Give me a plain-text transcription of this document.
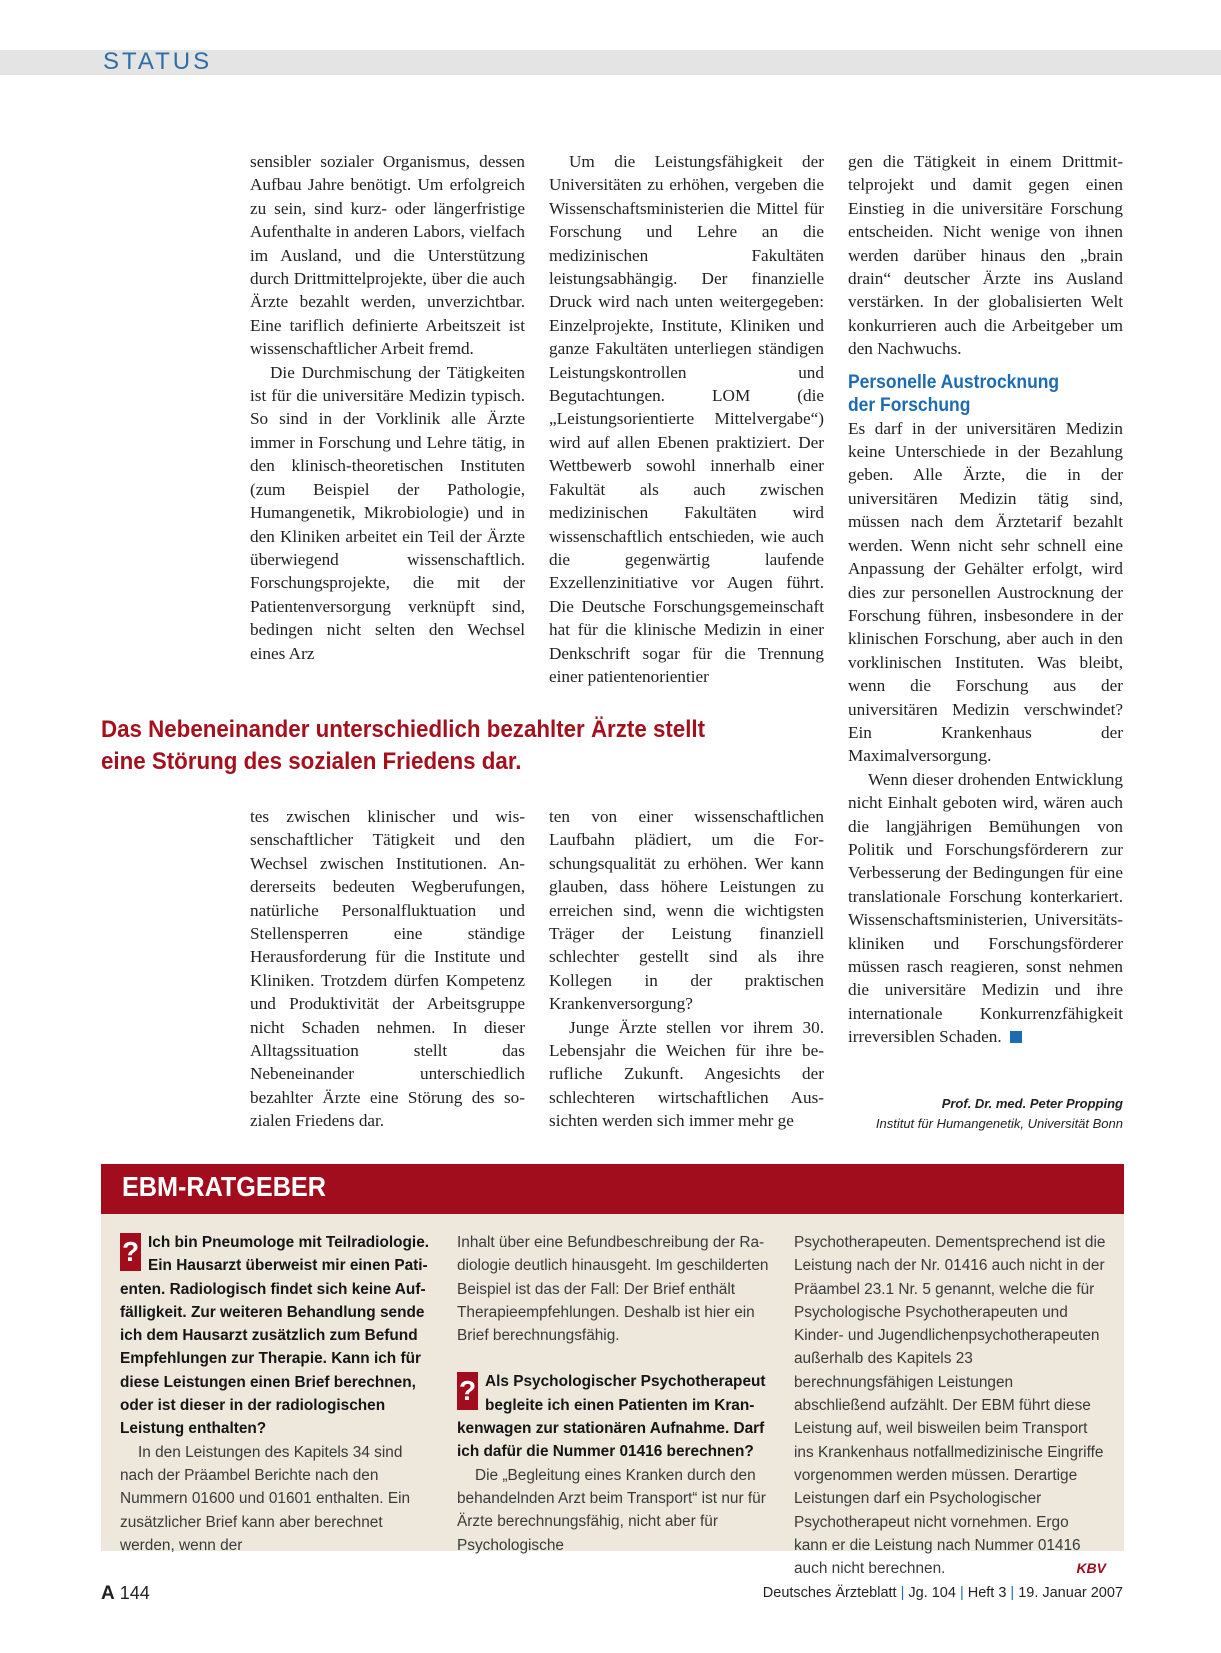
STATUS

sensibler sozialer Organismus, dessen Aufbau Jahre benötigt. Um erfolgreich zu sein, sind kurz- oder längerfristige Aufenthalte in anderen Labors, vielfach im Ausland, und die Unterstützung durch Drittmittelprojekte, über die auch Ärzte bezahlt werden, unverzichtbar. Eine tariflich definierte Arbeitszeit ist wissenschaftlicher Arbeit fremd.

Die Durchmischung der Tätigkeiten ist für die universitäre Medizin typisch. So sind in der Vorklinik alle Ärzte immer in Forschung und Lehre tätig, in den klinisch-theoretischen Instituten (zum Beispiel der Pathologie, Humangenetik, Mikrobiologie) und in den Kliniken arbeitet ein Teil der Ärzte überwiegend wissenschaftlich. Forschungsprojekte, die mit der Patientenversorgung verknüpft sind, bedingen nicht selten den Wechsel eines Arz

Um die Leistungsfähigkeit der Universitäten zu erhöhen, vergeben die Wissenschaftsministerien die Mittel für Forschung und Lehre an die medizinischen Fakultäten leistungsabhängig. Der finanzielle Druck wird nach unten weitergegeben: Einzelprojekte, Institute, Kliniken und ganze Fakultäten unterliegen ständigen Leistungskontrollen und Begutachtungen. LOM (die „Leistungsorientierte Mittelvergabe“) wird auf allen Ebenen praktiziert. Der Wettbewerb sowohl innerhalb einer Fakultät als auch zwischen medizinischen Fakultäten wird wissenschaftlich entschieden, wie auch die gegenwärtig laufende Exzellenzinitiative vor Augen führt. Die Deutsche Forschungsgemeinschaft hat für die klinische Medizin in einer Denkschrift sogar für die Trennung einer patientenorientier

gen die Tätigkeit in einem Drittmittelprojekt und damit gegen einen Einstieg in die universitäre Forschung entscheiden. Nicht wenige von ihnen werden darüber hinaus den „brain drain“ deutscher Ärzte ins Ausland verstärken. In der globalisierten Welt konkurrieren auch die Arbeitgeber um den Nachwuchs.

Personelle Austrocknung
der Forschung

Es darf in der universitären Medizin keine Unterschiede in der Bezahlung geben. Alle Ärzte, die in der universitären Medizin tätig sind, müssen nach dem Ärztetarif bezahlt werden. Wenn nicht sehr schnell eine Anpassung der Gehälter erfolgt, wird dies zur personellen Austrocknung der Forschung führen, insbesondere in der klinischen Forschung, aber auch in den vorklinischen Instituten. Was bleibt, wenn die Forschung aus der universitären Medizin verschwindet? Ein Krankenhaus der Maximalversorgung.

Wenn dieser drohenden Entwicklung nicht Einhalt geboten wird, wären auch die langjährigen Bemühungen von Politik und Forschungsförderern zur Verbesserung der Bedingungen für eine translationale Forschung konterkariert. Wissenschaftsministerien, Universitätskliniken und Forschungsförderer müssen rasch reagieren, sonst nehmen die universitäre Medizin und ihre internationale Konkurrenzfähigkeit irreversiblen Schaden.

Das Nebeneinander unterschiedlich bezahlter Ärzte stellt
eine Störung des sozialen Friedens dar.

tes zwischen klinischer und wissenschaftlicher Tätigkeit und den Wechsel zwischen Institutionen. Andererseits bedeuten Wegberufungen, natürliche Personalfluktuation und Stellensperren eine ständige Herausforderung für die Institute und Kliniken. Trotzdem dürfen Kompetenz und Produktivität der Arbeitsgruppe nicht Schaden nehmen. In dieser Alltagssituation stellt das Nebeneinander unterschiedlich bezahlter Ärzte eine Störung des sozialen Friedens dar.

ten von einer wissenschaftlichen Laufbahn plädiert, um die Forschungsqualität zu erhöhen. Wer kann glauben, dass höhere Leistungen zu erreichen sind, wenn die wichtigsten Träger der Leistung finanziell schlechter gestellt sind als ihre Kollegen in der praktischen Krankenversorgung?

Junge Ärzte stellen vor ihrem 30. Lebensjahr die Weichen für ihre berufliche Zukunft. Angesichts der schlechteren wirtschaftlichen Aussichten werden sich immer mehr ge

Prof. Dr. med. Peter Propping
Institut für Humangenetik, Universität Bonn
EBM-RATGEBER

? Ich bin Pneumologe mit Teilradiologie. Ein Hausarzt überweist mir einen Patienten. Radiologisch findet sich keine Auffälligkeit. Zur weiteren Behandlung sende ich dem Hausarzt zusätzlich zum Befund Empfehlungen zur Therapie. Kann ich für diese Leistungen einen Brief berechnen, oder ist dieser in der radiologischen Leistung enthalten?

In den Leistungen des Kapitels 34 sind nach der Präambel Berichte nach den Nummern 01600 und 01601 enthalten. Ein zusätzlicher Brief kann aber berechnet werden, wenn der

Inhalt über eine Befundbeschreibung der Radiologie deutlich hinausgeht. Im geschilderten Beispiel ist das der Fall: Der Brief enthält Therapieempfehlungen. Deshalb ist hier ein Brief berechnungsfähig.

? Als Psychologischer Psychotherapeut begleite ich einen Patienten im Krankenwagen zur stationären Aufnahme. Darf ich dafür die Nummer 01416 berechnen?

Die „Begleitung eines Kranken durch den behandelnden Arzt beim Transport“ ist nur für Ärzte berechnungsfähig, nicht aber für Psychologische

Psychotherapeuten. Dementsprechend ist die Leistung nach der Nr. 01416 auch nicht in der Präambel 23.1 Nr. 5 genannt, welche die für Psychologische Psychotherapeuten und Kinder- und Jugendlichenpsychotherapeuten außerhalb des Kapitels 23 berechnungsfähigen Leistungen abschließend aufzählt. Der EBM führt diese Leistung auf, weil bisweilen beim Transport ins Krankenhaus notfallmedizinische Eingriffe vorgenommen werden müssen. Derartige Leistungen darf ein Psychologischer Psychotherapeut nicht vornehmen. Ergo kann er die Leistung nach Nummer 01416 auch nicht berechnen.	KBV

A 144	Deutsches Ärzteblatt | Jg. 104 | Heft 3 | 19. Januar 2007
